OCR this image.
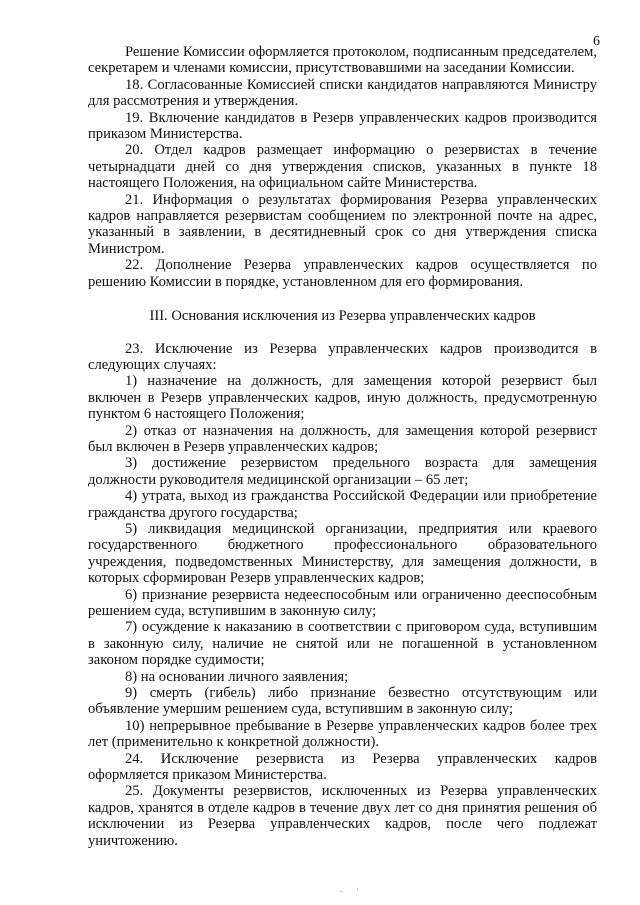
6

Решение Комиссии оформляется протоколом, подписанным председателем, секретарем и членами комиссии, присутствовавшими на заседании Комиссии.

18. Согласованные Комиссией списки кандидатов направляются Министру для рассмотрения и утверждения.

19. Включение кандидатов в Резерв управленческих кадров производится приказом Министерства.

20. Отдел кадров размещает информацию о резервистах в течение четырнадцати дней со дня утверждения списков, указанных в пункте 18 настоящего Положения, на официальном сайте Министерства.

21. Информация о результатах формирования Резерва управленческих кадров направляется резервистам сообщением по электронной почте на адрес, указанный в заявлении, в десятидневный срок со дня утверждения списка Министром.

22. Дополнение Резерва управленческих кадров осуществляется по решению Комиссии в порядке, установленном для его формирования.

III. Основания исключения из Резерва управленческих кадров

23. Исключение из Резерва управленческих кадров производится в следующих случаях:

1) назначение на должность, для замещения которой резервист был включен в Резерв управленческих кадров, иную должность, предусмотренную пунктом 6 настоящего Положения;

2) отказ от назначения на должность, для замещения которой резервист был включен в Резерв управленческих кадров;

3) достижение резервистом предельного возраста для замещения должности руководителя медицинской организации – 65 лет;

4) утрата, выход из гражданства Российской Федерации или приобретение гражданства другого государства;

5) ликвидация медицинской организации, предприятия или краевого государственного бюджетного профессионального образовательного учреждения, подведомственных Министерству, для замещения должности, в которых сформирован Резерв управленческих кадров;

6) признание резервиста недееспособным или ограниченно дееспособным решением суда, вступившим в законную силу;

7) осуждение к наказанию в соответствии с приговором суда, вступившим в законную силу, наличие не снятой или не погашенной в установленном законом порядке судимости;

8) на основании личного заявления;

9) смерть (гибель) либо признание безвестно отсутствующим или объявление умершим решением суда, вступившим в законную силу;

10) непрерывное пребывание в Резерве управленческих кадров более трех лет (применительно к конкретной должности).

24. Исключение резервиста из Резерва управленческих кадров оформляется приказом Министерства.

25. Документы резервистов, исключенных из Резерва управленческих кадров, хранятся в отделе кадров в течение двух лет со дня принятия решения об исключении из Резерва управленческих кадров, после чего подлежат уничтожению.

. ·
